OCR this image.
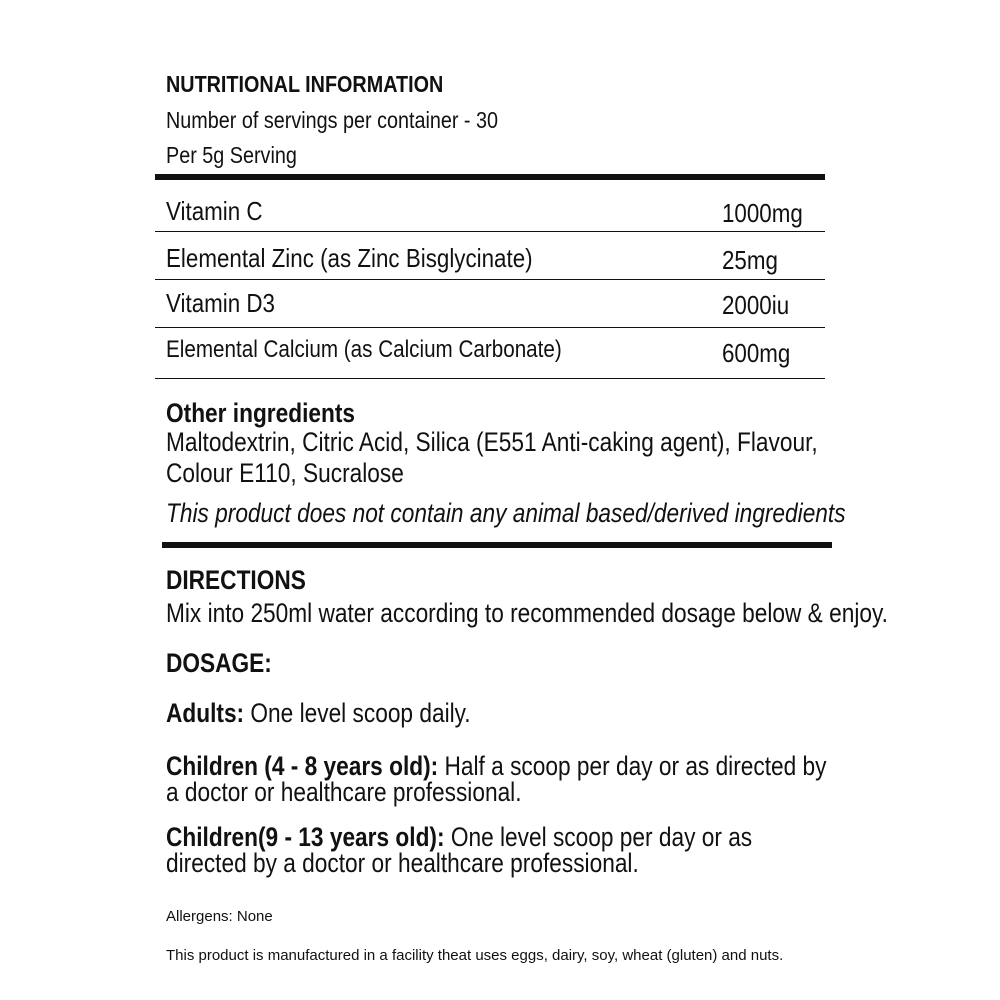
NUTRITIONAL INFORMATION
Number of servings per container - 30
Per 5g Serving
Vitamin C	1000mg
Elemental Zinc (as Zinc Bisglycinate)	25mg
Vitamin D3	2000iu
Elemental Calcium (as Calcium Carbonate)	600mg
Other ingredients
Maltodextrin, Citric Acid, Silica (E551 Anti-caking agent), Flavour, Colour E110, Sucralose
This product does not contain any animal based/derived ingredients
DIRECTIONS
Mix into 250ml water according to recommended dosage below & enjoy.
DOSAGE:
Adults: One level scoop daily.
Children (4 - 8 years old): Half a scoop per day or as directed by a doctor or healthcare professional.
Children(9 - 13 years old): One level scoop per day or as directed by a doctor or healthcare professional.
Allergens: None
This product is manufactured in a facility theat uses eggs, dairy, soy, wheat (gluten) and nuts.
